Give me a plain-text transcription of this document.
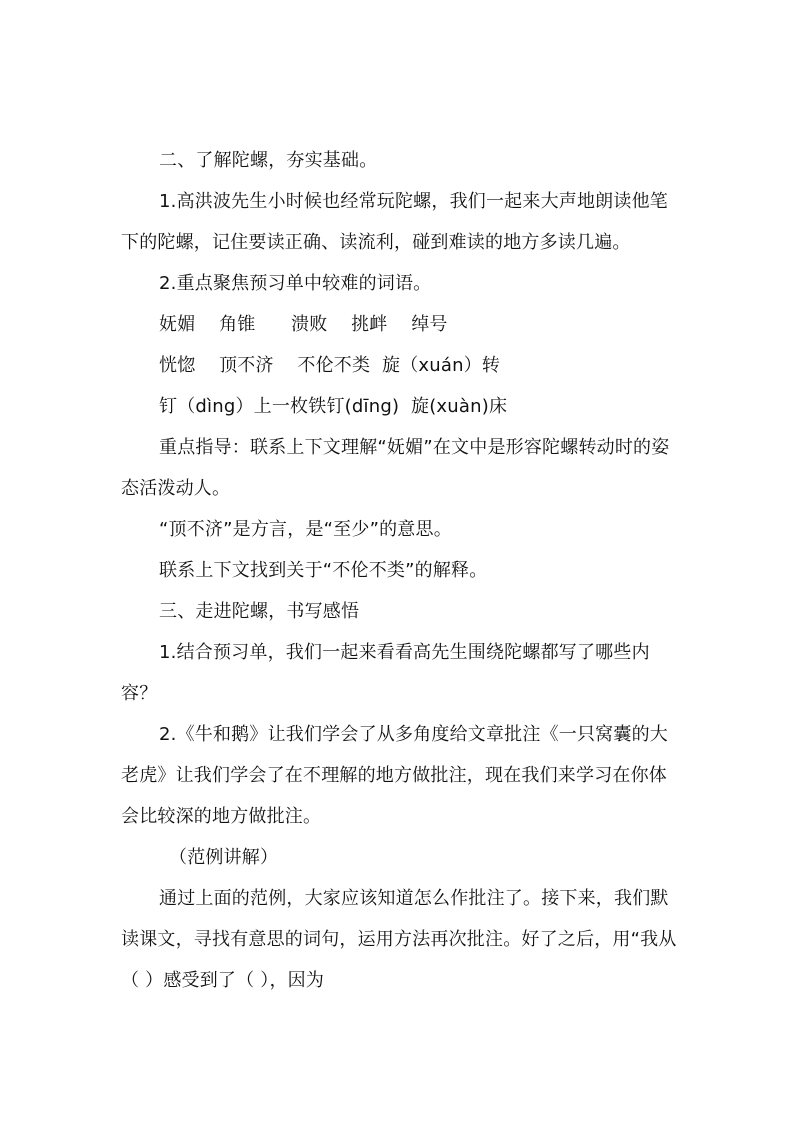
二、了解陀螺，夯实基础。

1.高洪波先生小时候也经常玩陀螺，我们一起来大声地朗读他笔下的陀螺，记住要读正确、读流利，碰到难读的地方多读几遍。

2.重点聚焦预习单中较难的词语。

妩媚    角锥      溃败    挑衅    绰号

恍惚    顶不济    不伦不类  旋（xuán）转

钉（dìng）上一枚铁钉(dīng)  旋(xuàn)床

重点指导：联系上下文理解“妩媚”在文中是形容陀螺转动时的姿态活泼动人。

“顶不济”是方言，是“至少”的意思。

联系上下文找到关于“不伦不类”的解释。

三、走进陀螺，书写感悟

1.结合预习单，我们一起来看看高先生围绕陀螺都写了哪些内容？

2.《牛和鹅》让我们学会了从多角度给文章批注《一只窝囊的大老虎》让我们学会了在不理解的地方做批注，现在我们来学习在你体会比较深的地方做批注。

（范例讲解）

通过上面的范例，大家应该知道怎么作批注了。接下来，我们默读课文，寻找有意思的词句，运用方法再次批注。好了之后，用“我从（ ）感受到了（ ），因为
